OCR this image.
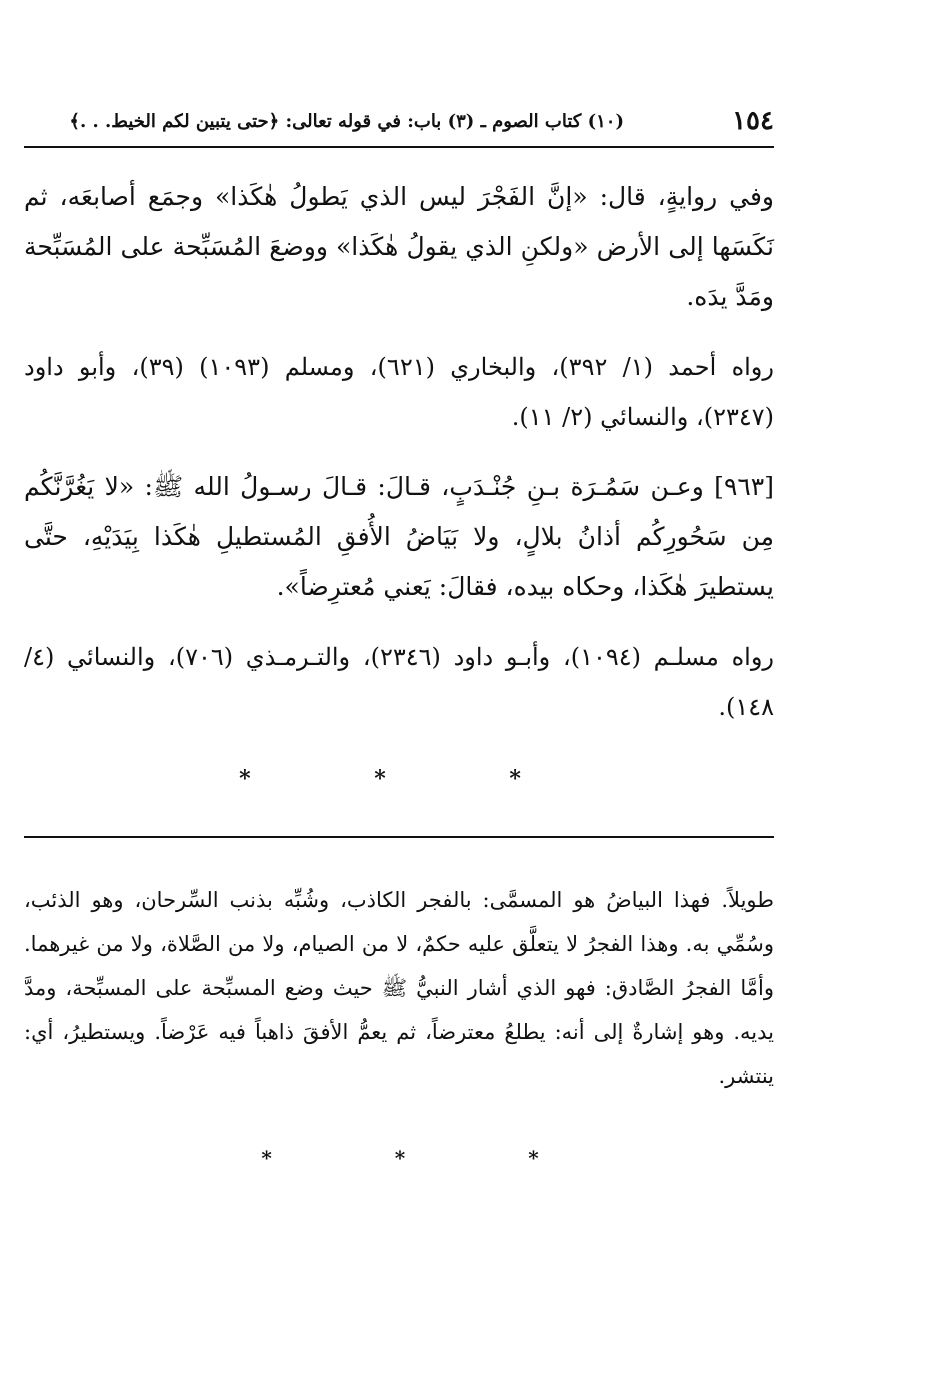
١٥٤
(١٠) كتاب الصوم ـ (٣) باب: في قوله تعالى: ﴿حتى يتبين لكم الخيط. . .﴾

وفي روايةٍ، قال: «إنَّ الفَجْرَ ليس الذي يَطولُ هٰكَذا» وجمَع أصابعَه، ثم نَكَسَها إلى الأرض «ولكنِ الذي يقولُ هٰكَذا» ووضعَ المُسَبِّحة على المُسَبِّحة ومَدَّ يدَه.

رواه أحمد (١/ ٣٩٢)، والبخاري (٦٢١)، ومسلم (١٠٩٣) (٣٩)، وأبو داود (٢٣٤٧)، والنسائي (٢/ ١١).

[٩٦٣] وعـن سَمُـرَة بـنِ جُنْـدَبٍ، قـالَ: قـالَ رسـولُ الله ﷺ: «لا يَغُرَّنَّكُم مِن سَحُورِكُم أذانُ بلالٍ، ولا بَيَاضُ الأُفقِ المُستطيلِ هٰكَذا بِيَدَيْهِ، حتَّى يستطيرَ هٰكَذا، وحكاه بيده، فقالَ: يَعني مُعترِضاً».

رواه مسلـم (١٠٩٤)، وأبـو داود (٢٣٤٦)، والتـرمـذي (٧٠٦)، والنسائي (٤/ ١٤٨).

* * *

طويلاً. فهذا البياضُ هو المسمَّى: بالفجر الكاذب، وشُبِّه بذنب السِّرحان، وهو الذئب، وسُمِّي به. وهذا الفجرُ لا يتعلَّق عليه حكمٌ، لا من الصيام، ولا من الصَّلاة، ولا من غيرهما. وأمَّا الفجرُ الصَّادق: فهو الذي أشار النبيُّ ﷺ حيث وضع المسبِّحة على المسبِّحة، ومدَّ يديه. وهو إشارةٌ إلى أنه: يطلعُ معترضاً، ثم يعمُّ الأفقَ ذاهباً فيه عَرْضاً. ويستطيرُ، أي: ينتشر.

* * *
